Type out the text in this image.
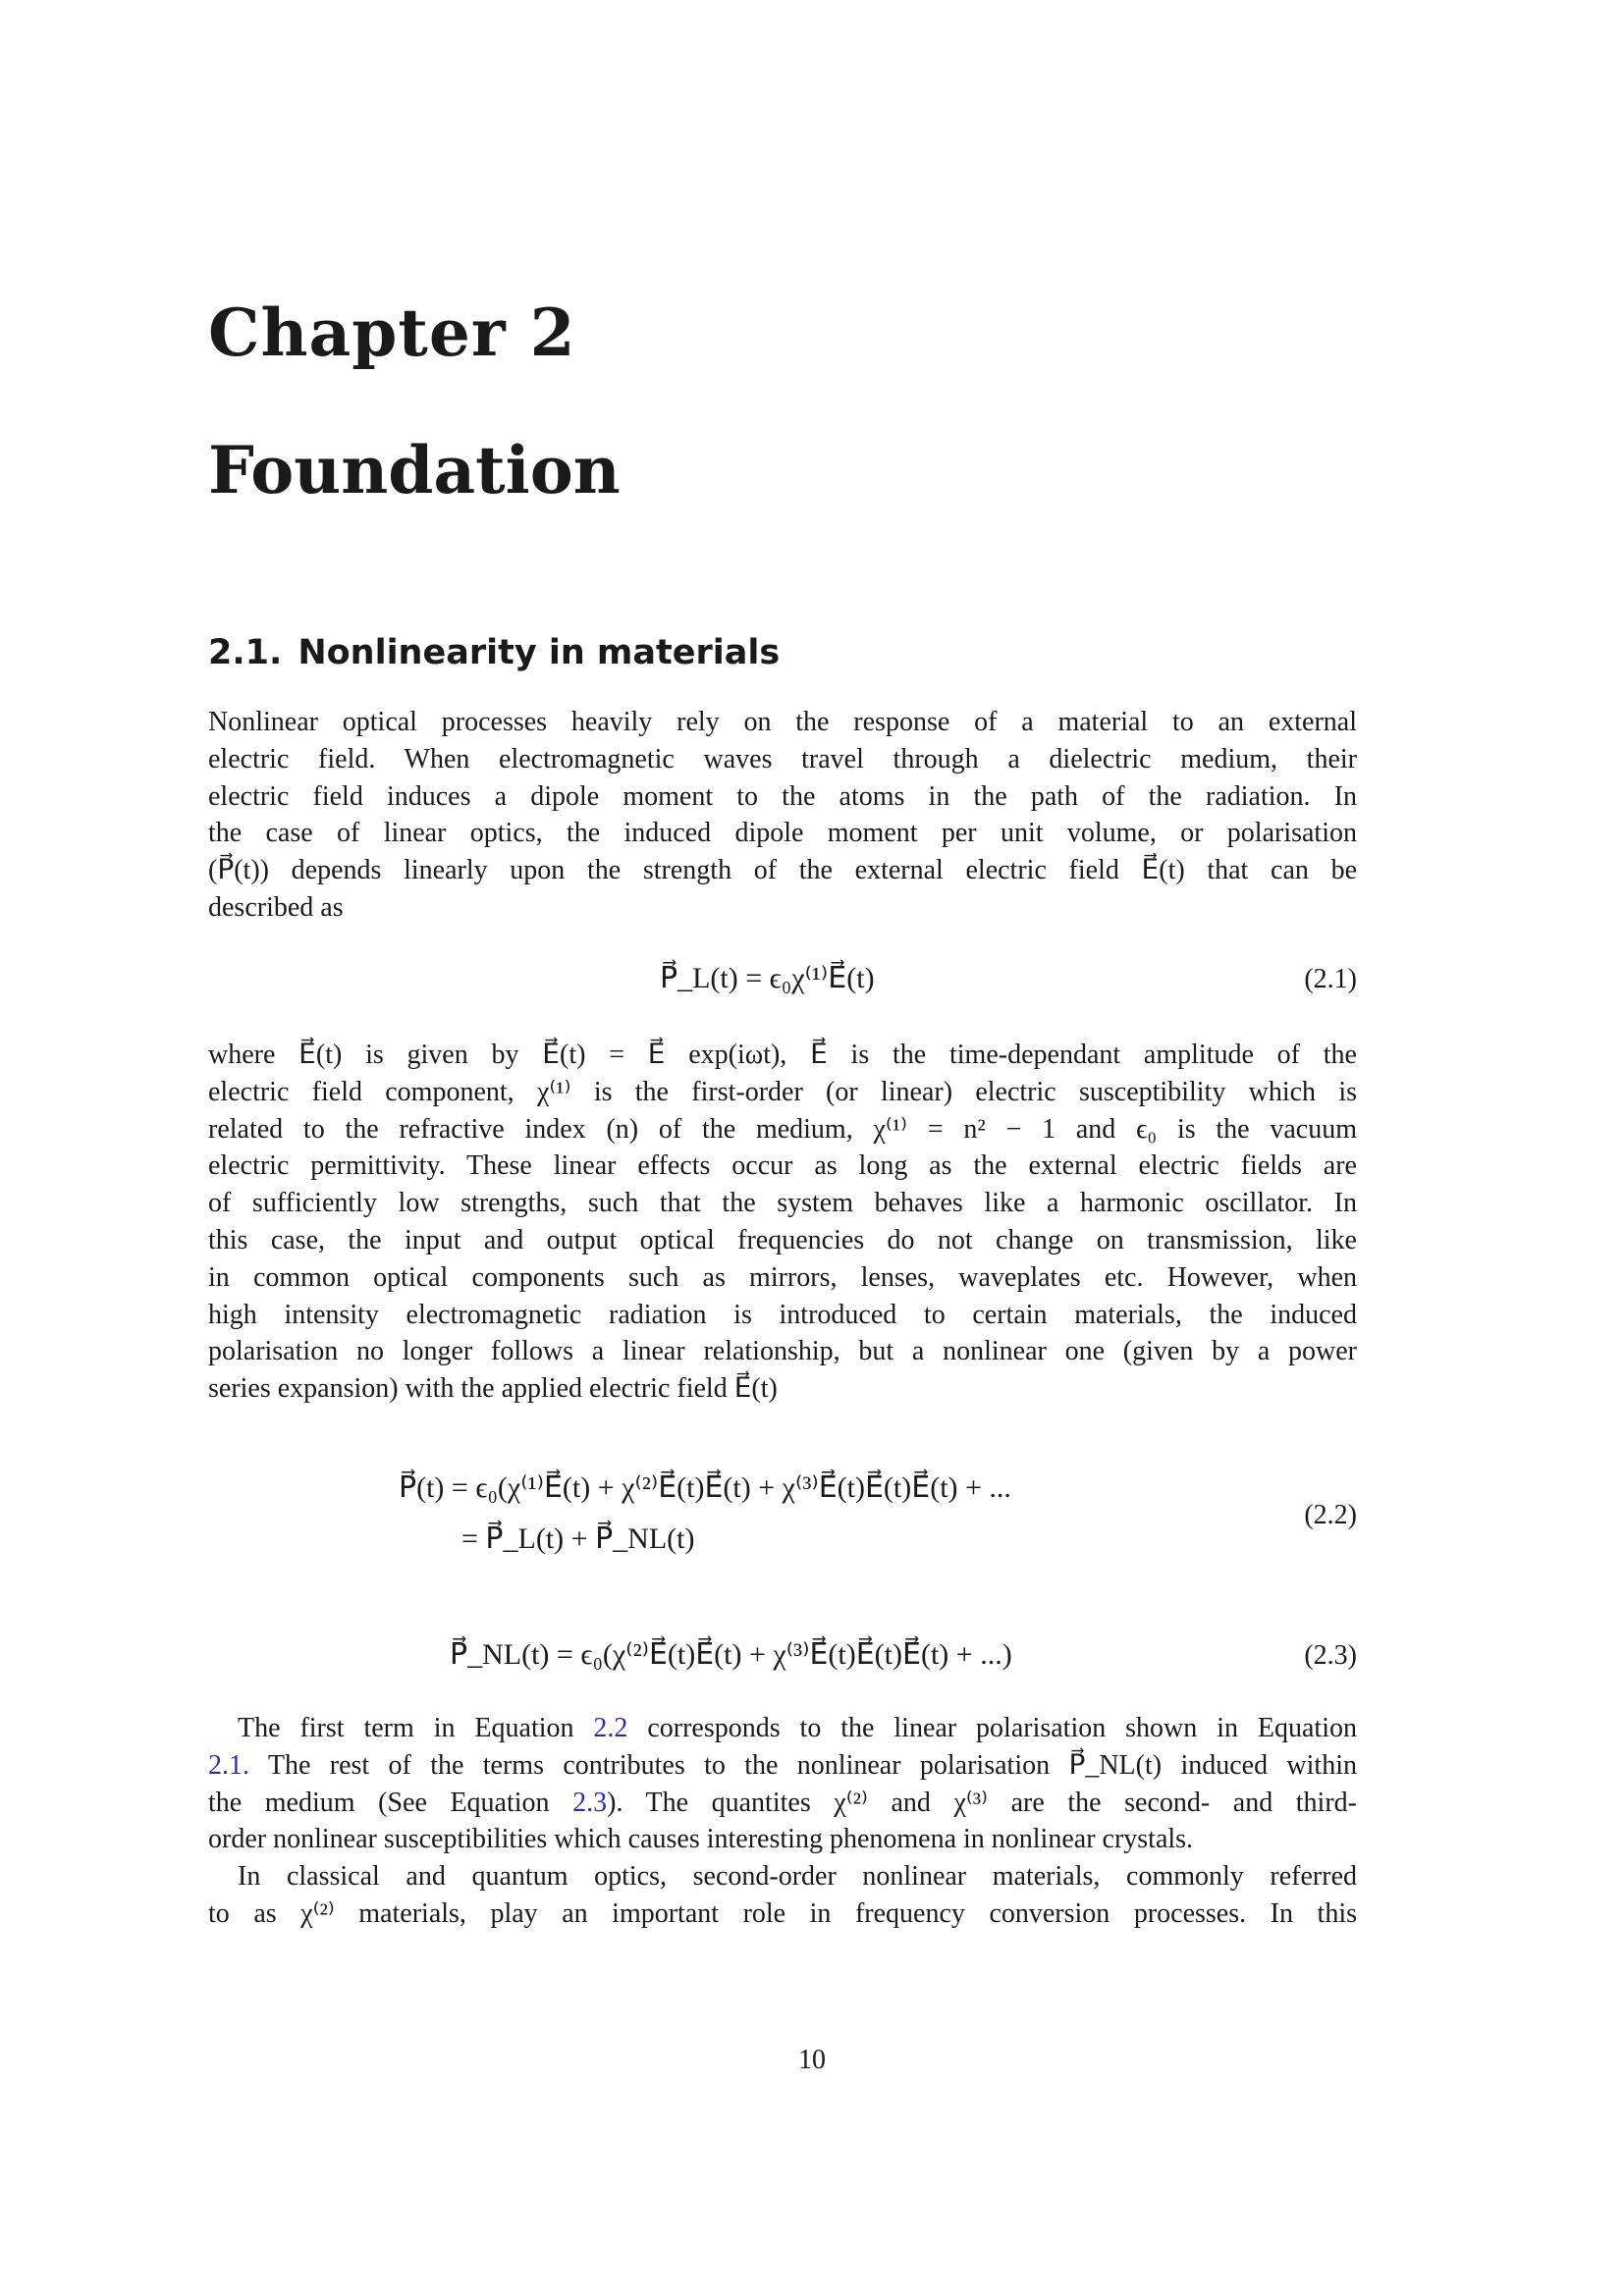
Chapter 2
Foundation
2.1. Nonlinearity in materials
Nonlinear optical processes heavily rely on the response of a material to an external
electric field. When electromagnetic waves travel through a dielectric medium, their
electric field induces a dipole moment to the atoms in the path of the radiation. In
the case of linear optics, the induced dipole moment per unit volume, or polarisation
(P⃗(t)) depends linearly upon the strength of the external electric field E⃗(t) that can be
described as
P⃗_L(t) = ϵ₀χ⁽¹⁾E⃗(t)	(2.1)
where E⃗(t) is given by E⃗(t) = E⃗ exp(iωt), E⃗ is the time-dependant amplitude of the
electric field component, χ⁽¹⁾ is the first-order (or linear) electric susceptibility which is
related to the refractive index (n) of the medium, χ⁽¹⁾ = n² − 1 and ϵ₀ is the vacuum
electric permittivity. These linear effects occur as long as the external electric fields are
of sufficiently low strengths, such that the system behaves like a harmonic oscillator. In
this case, the input and output optical frequencies do not change on transmission, like
in common optical components such as mirrors, lenses, waveplates etc. However, when
high intensity electromagnetic radiation is introduced to certain materials, the induced
polarisation no longer follows a linear relationship, but a nonlinear one (given by a power
series expansion) with the applied electric field E⃗(t)
P⃗(t) = ϵ₀(χ⁽¹⁾E⃗(t) + χ⁽²⁾E⃗(t)E⃗(t) + χ⁽³⁾E⃗(t)E⃗(t)E⃗(t) + ...
= P⃗_L(t) + P⃗_NL(t)
(2.2)
P⃗_NL(t) = ϵ₀(χ⁽²⁾E⃗(t)E⃗(t) + χ⁽³⁾E⃗(t)E⃗(t)E⃗(t) + ...)	(2.3)
The first term in Equation 2.2 corresponds to the linear polarisation shown in Equation
2.1. The rest of the terms contributes to the nonlinear polarisation P⃗_NL(t) induced within
the medium (See Equation 2.3). The quantites χ⁽²⁾ and χ⁽³⁾ are the second- and third-
order nonlinear susceptibilities which causes interesting phenomena in nonlinear crystals.
In classical and quantum optics, second-order nonlinear materials, commonly referred
to as χ⁽²⁾ materials, play an important role in frequency conversion processes. In this
10
